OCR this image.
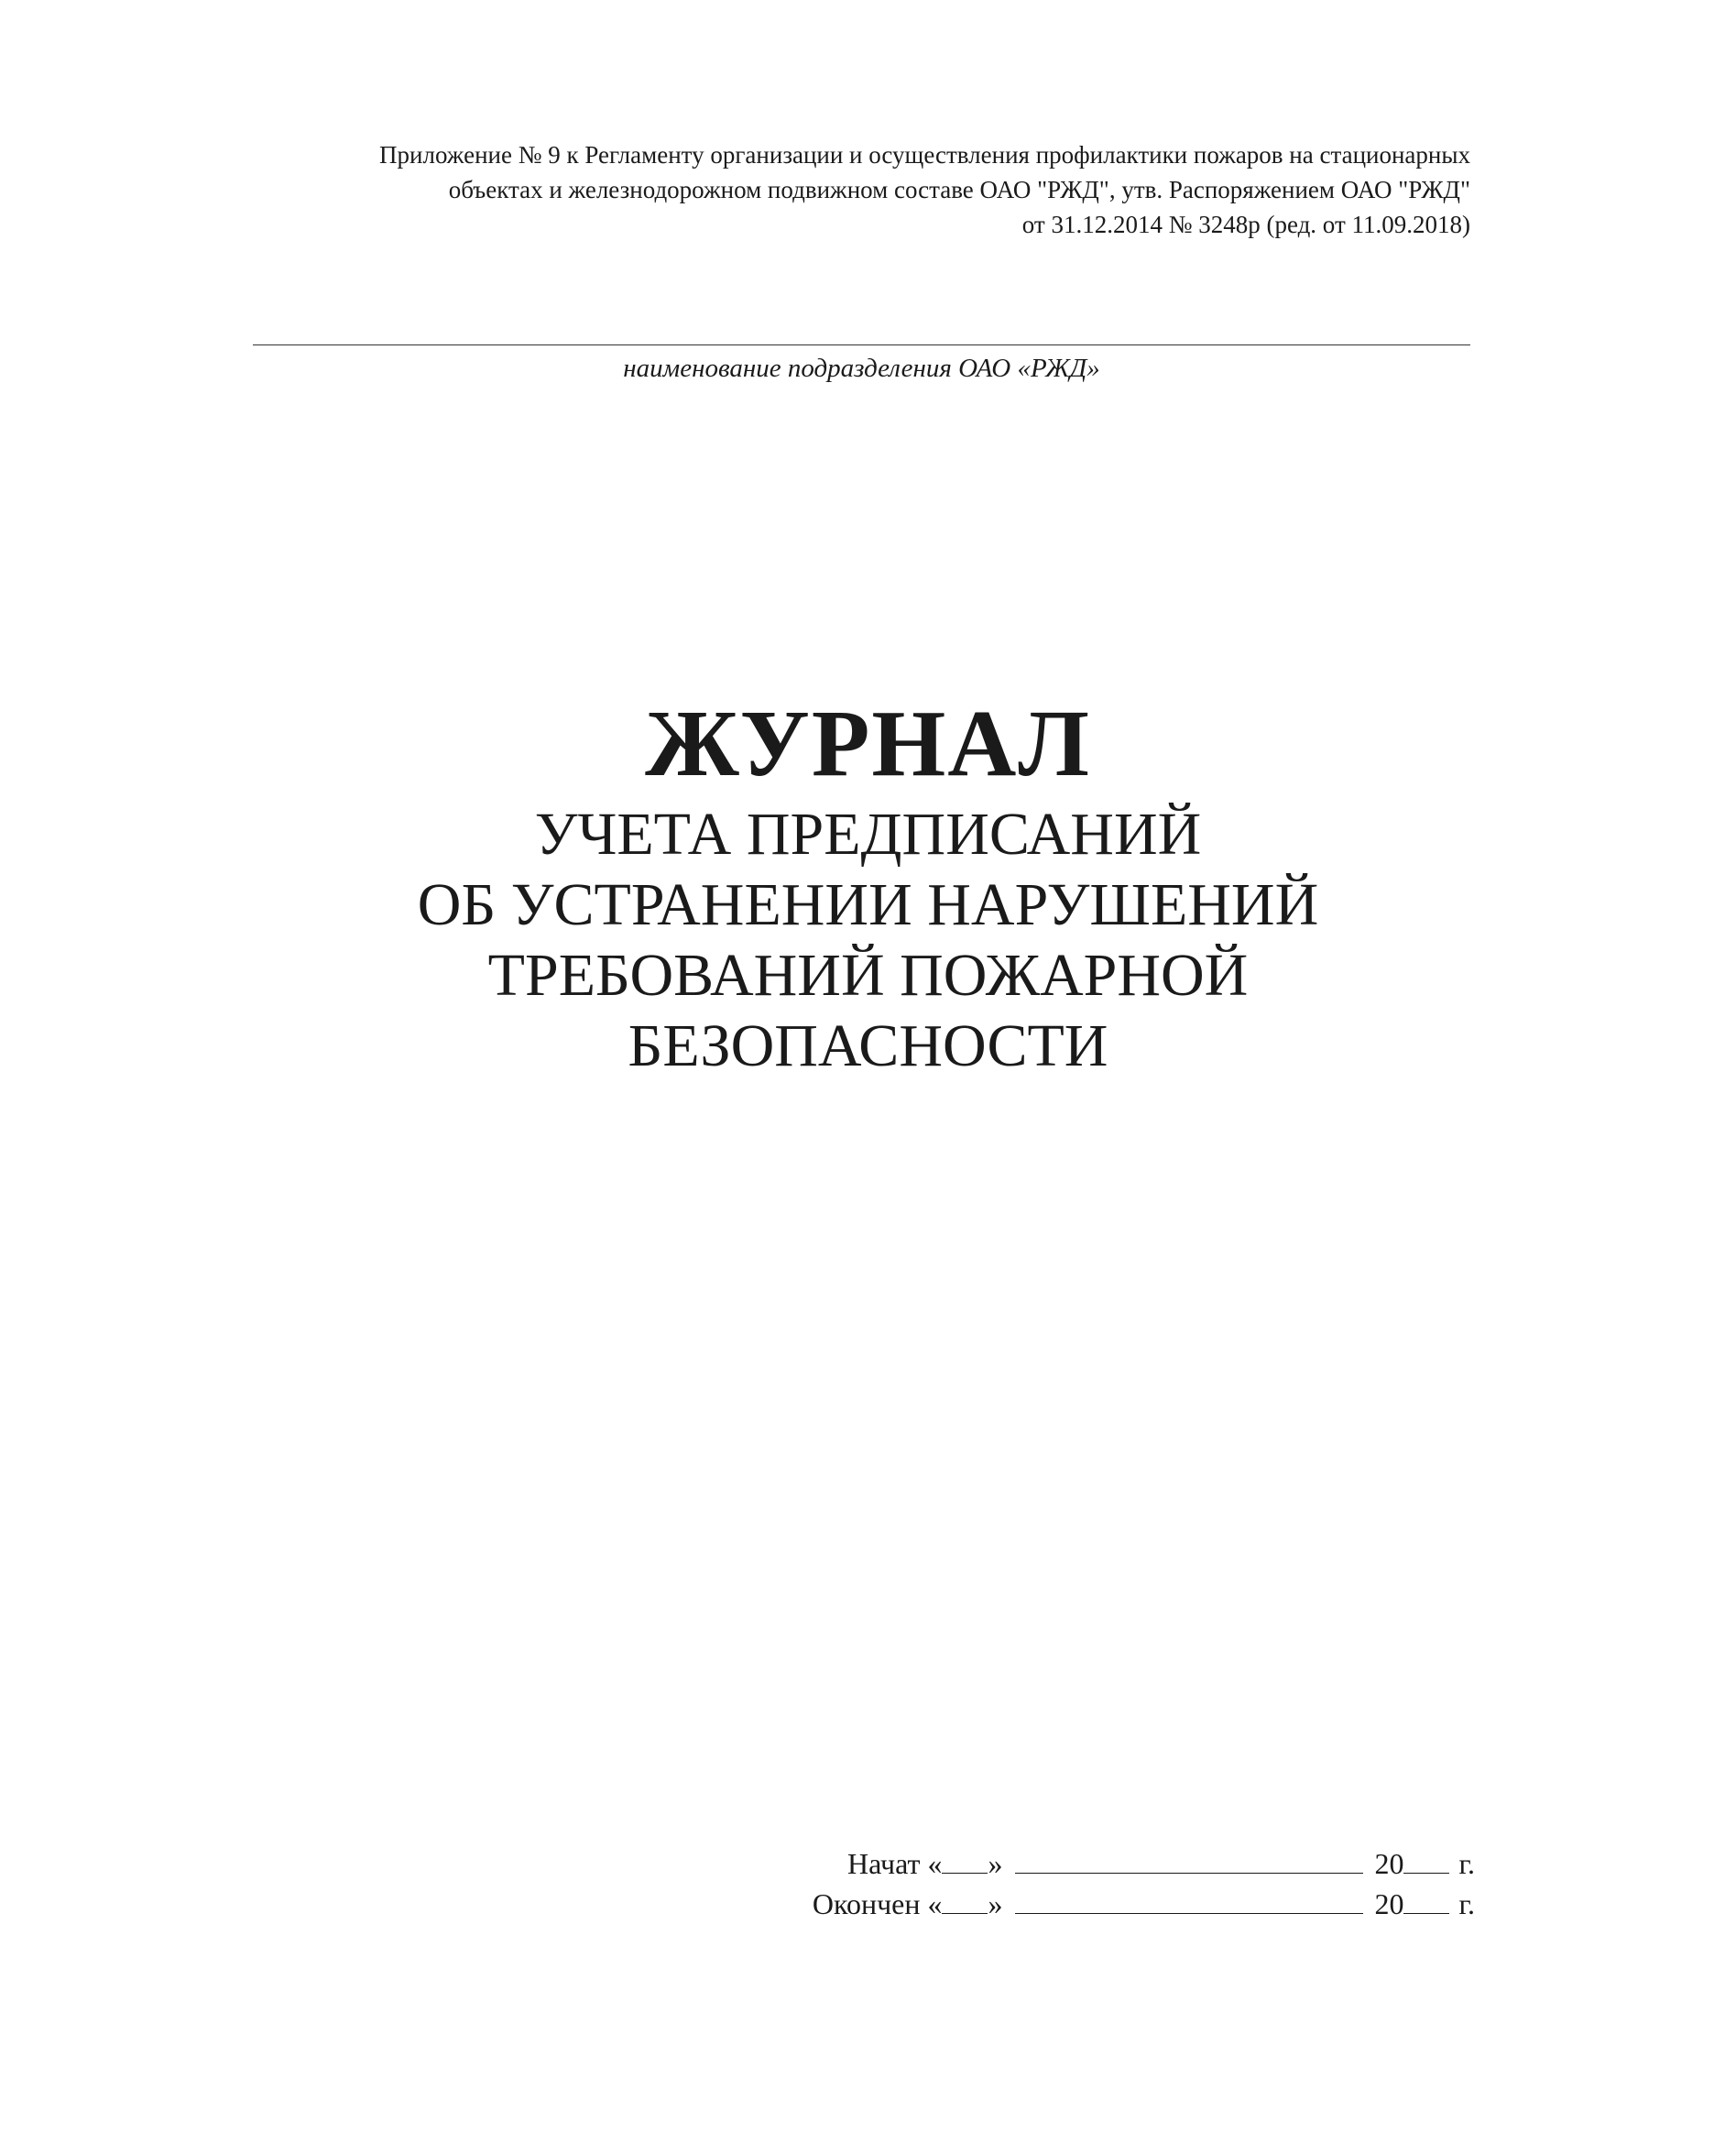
Приложение № 9 к Регламенту организации и осуществления профилактики пожаров на стационарных
объектах и железнодорожном подвижном составе ОАО "РЖД", утв. Распоряжением ОАО "РЖД"
от 31.12.2014 № 3248р (ред. от 11.09.2018)
наименование подразделения ОАО «РЖД»
ЖУРНАЛ
УЧЕТА ПРЕДПИСАНИЙ
ОБ УСТРАНЕНИИ НАРУШЕНИЙ
ТРЕБОВАНИЙ ПОЖАРНОЙ
БЕЗОПАСНОСТИ
Начат « »	20 г.
Окончен « »	20 г.
